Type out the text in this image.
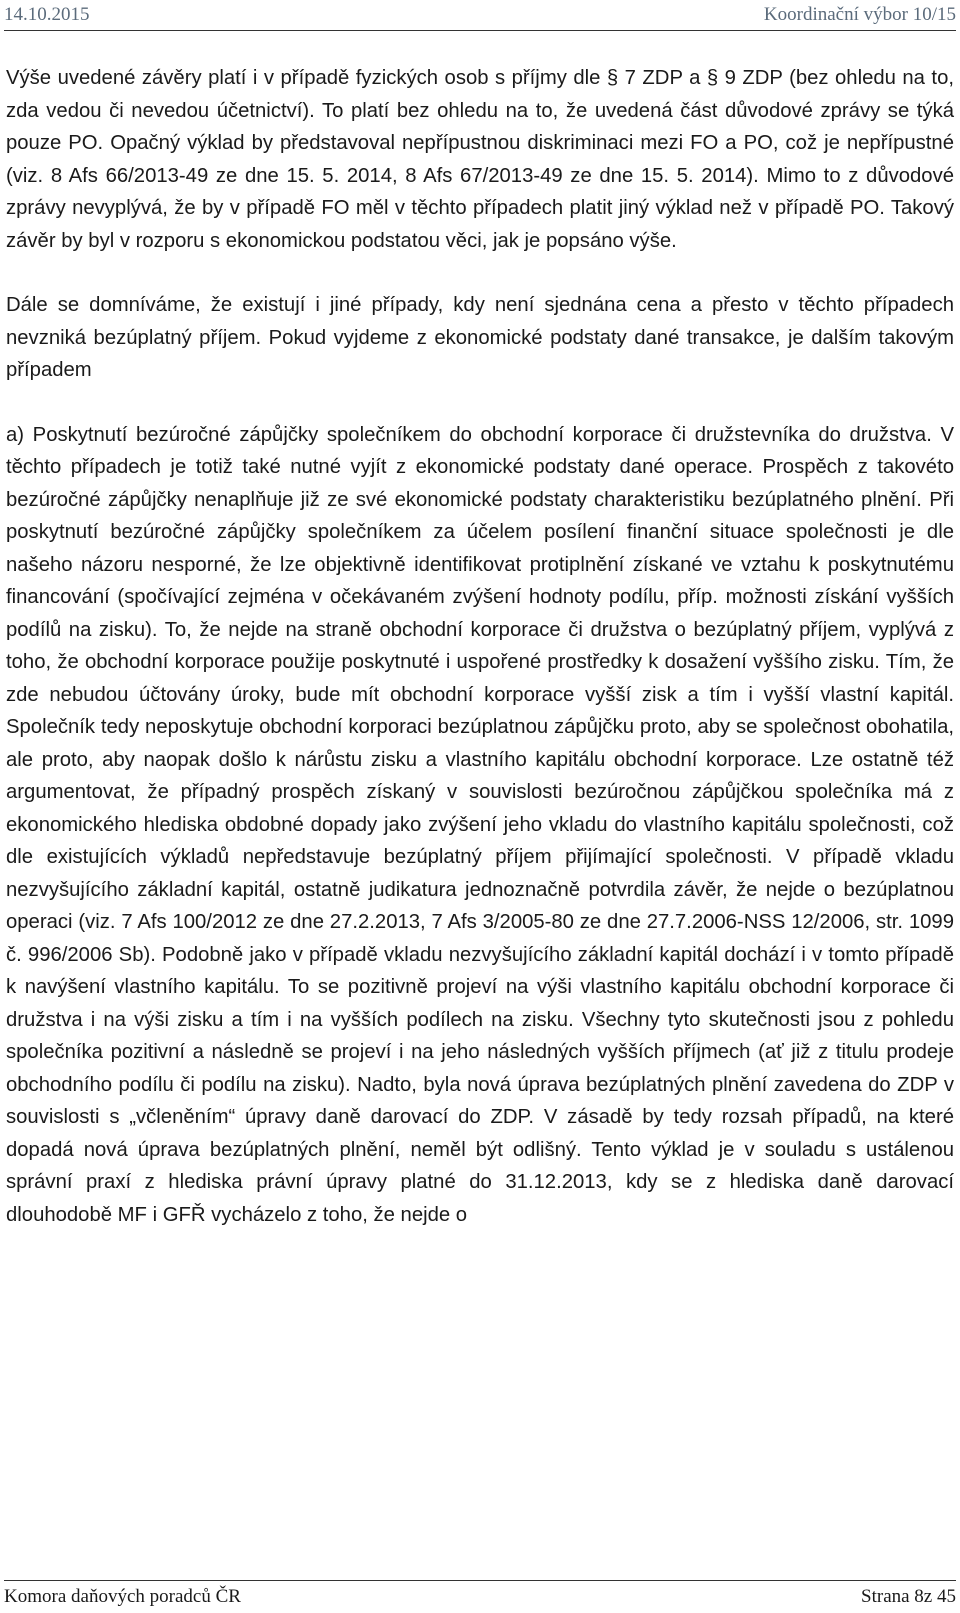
14.10.2015	Koordinační výbor 10/15

Výše uvedené závěry platí i v případě fyzických osob s příjmy dle § 7 ZDP a § 9 ZDP (bez ohledu na to, zda vedou či nevedou účetnictví). To platí bez ohledu na to, že uvedená část důvodové zprávy se týká pouze PO. Opačný výklad by představoval nepřípustnou diskriminaci mezi FO a PO, což je nepřípustné (viz. 8 Afs 66/2013-49 ze dne 15. 5. 2014, 8 Afs 67/2013-49 ze dne 15. 5. 2014). Mimo to z důvodové zprávy nevyplývá, že by v případě FO měl v těchto případech platit jiný výklad než v případě PO. Takový závěr by byl v rozporu s ekonomickou podstatou věci, jak je popsáno výše.

Dále se domníváme, že existují i jiné případy, kdy není sjednána cena a přesto v těchto případech nevzniká bezúplatný příjem. Pokud vyjdeme z ekonomické podstaty dané transakce, je dalším takovým případem

a) Poskytnutí bezúročné zápůjčky společníkem do obchodní korporace či družstevníka do družstva. V těchto případech je totiž také nutné vyjít z ekonomické podstaty dané operace. Prospěch z takovéto bezúročné zápůjčky nenaplňuje již ze své ekonomické podstaty charakteristiku bezúplatného plnění. Při poskytnutí bezúročné zápůjčky společníkem za účelem posílení finanční situace společnosti je dle našeho názoru nesporné, že lze objektivně identifikovat protiplnění získané ve vztahu k poskytnutému financování (spočívající zejména v očekávaném zvýšení hodnoty podílu, příp. možnosti získání vyšších podílů na zisku). To, že nejde na straně obchodní korporace či družstva o bezúplatný příjem, vyplývá z toho, že obchodní korporace použije poskytnuté i uspořené prostředky k dosažení vyššího zisku. Tím, že zde nebudou účtovány úroky, bude mít obchodní korporace vyšší zisk a tím i vyšší vlastní kapitál. Společník tedy neposkytuje obchodní korporaci bezúplatnou zápůjčku proto, aby se společnost obohatila, ale proto, aby naopak došlo k nárůstu zisku a vlastního kapitálu obchodní korporace. Lze ostatně též argumentovat, že případný prospěch získaný v souvislosti bezúročnou zápůjčkou společníka má z ekonomického hlediska obdobné dopady jako zvýšení jeho vkladu do vlastního kapitálu společnosti, což dle existujících výkladů nepředstavuje bezúplatný příjem přijímající společnosti. V případě vkladu nezvyšujícího základní kapitál, ostatně judikatura jednoznačně potvrdila závěr, že nejde o bezúplatnou operaci (viz. 7 Afs 100/2012 ze dne 27.2.2013, 7 Afs 3/2005-80 ze dne 27.7.2006-NSS 12/2006, str. 1099 č. 996/2006 Sb). Podobně jako v případě vkladu nezvyšujícího základní kapitál dochází i v tomto případě k navýšení vlastního kapitálu. To se pozitivně projeví na výši vlastního kapitálu obchodní korporace či družstva i na výši zisku a tím i na vyšších podílech na zisku. Všechny tyto skutečnosti jsou z pohledu společníka pozitivní a následně se projeví i na jeho následných vyšších příjmech (ať již z titulu prodeje obchodního podílu či podílu na zisku). Nadto, byla nová úprava bezúplatných plnění zavedena do ZDP v souvislosti s „včleněním“ úpravy daně darovací do ZDP. V zásadě by tedy rozsah případů, na které dopadá nová úprava bezúplatných plnění, neměl být odlišný. Tento výklad je v souladu s ustálenou správní praxí z hlediska právní úpravy platné do 31.12.2013, kdy se z hlediska daně darovací dlouhodobě MF i GFŘ vycházelo z toho, že nejde o

Komora daňových poradců ČR	Strana 8z 45
